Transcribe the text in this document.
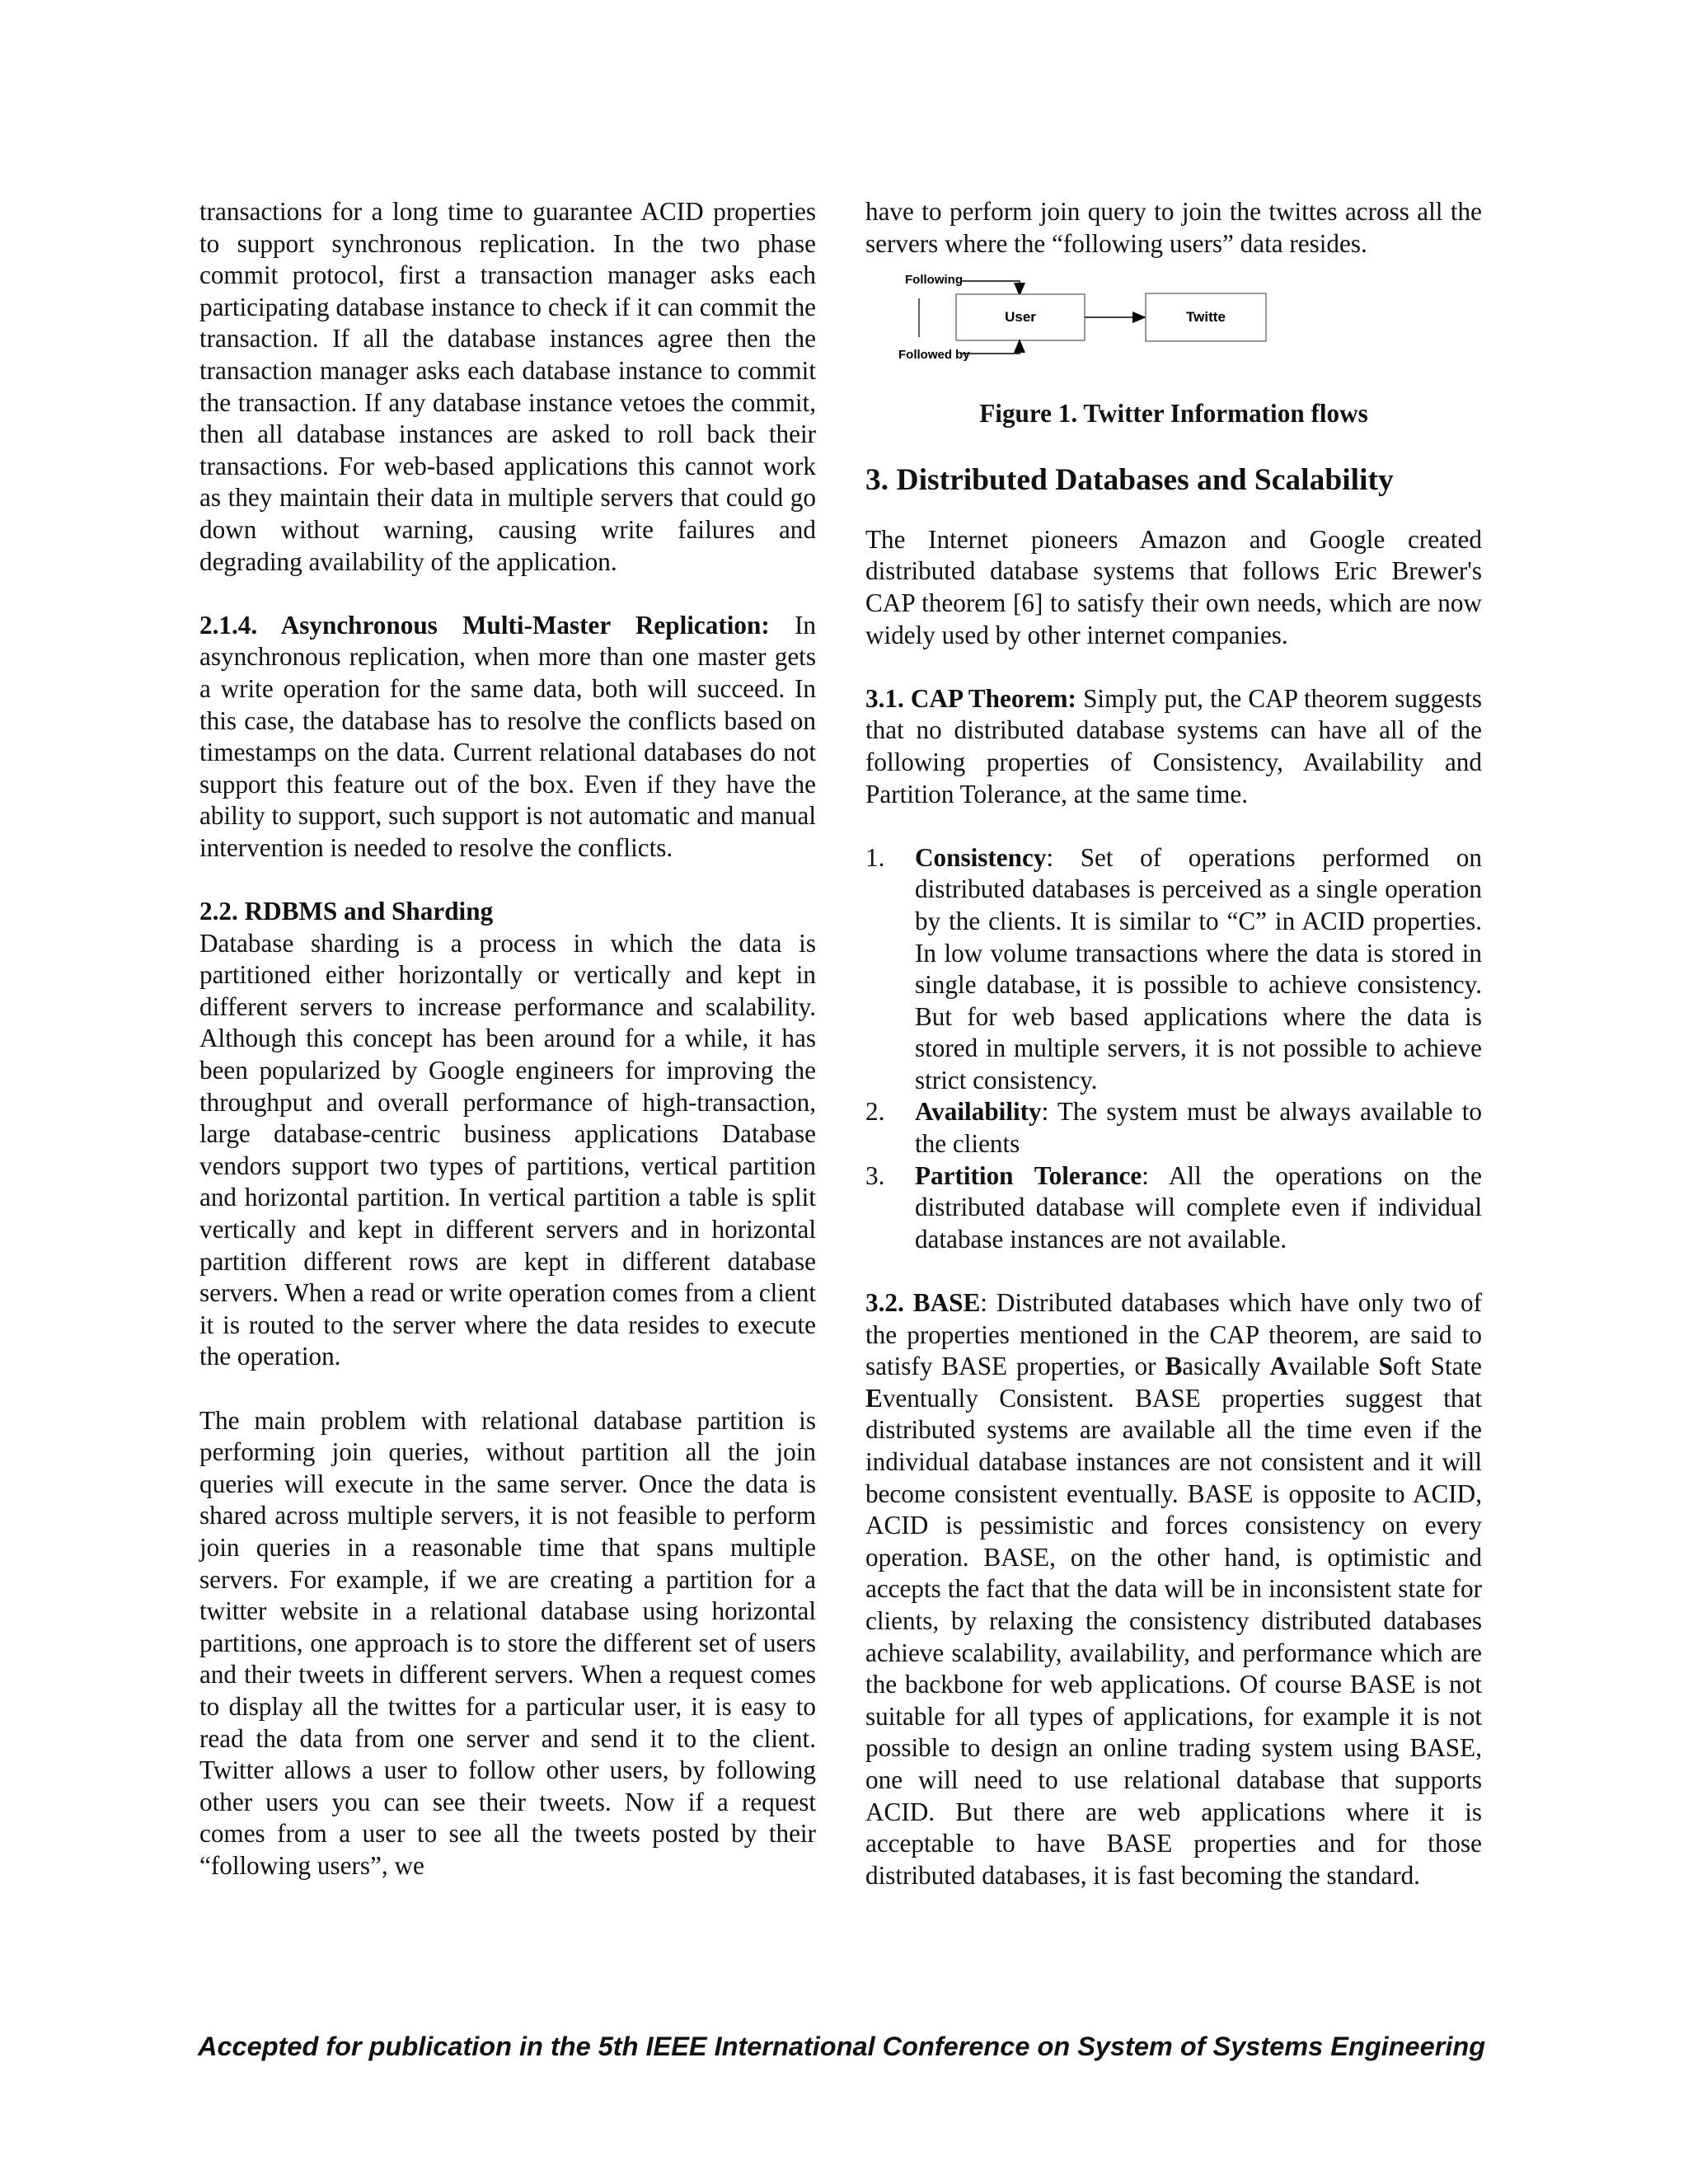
transactions for a long time to guarantee ACID properties to support synchronous replication. In the two phase commit protocol, first a transaction manager asks each participating database instance to check if it can commit the transaction. If all the database instances agree then the transaction manager asks each database instance to commit the transaction. If any database instance vetoes the commit, then all database instances are asked to roll back their transactions. For web-based applications this cannot work as they maintain their data in multiple servers that could go down without warning, causing write failures and degrading availability of the application.

2.1.4. Asynchronous Multi-Master Replication: In asynchronous replication, when more than one master gets a write operation for the same data, both will succeed. In this case, the database has to resolve the conflicts based on timestamps on the data. Current relational databases do not support this feature out of the box. Even if they have the ability to support, such support is not automatic and manual intervention is needed to resolve the conflicts.

2.2. RDBMS and Sharding

Database sharding is a process in which the data is partitioned either horizontally or vertically and kept in different servers to increase performance and scalability. Although this concept has been around for a while, it has been popularized by Google engineers for improving the throughput and overall performance of high-transaction, large database-centric business applications Database vendors support two types of partitions, vertical partition and horizontal partition. In vertical partition a table is split vertically and kept in different servers and in horizontal partition different rows are kept in different database servers. When a read or write operation comes from a client it is routed to the server where the data resides to execute the operation.

The main problem with relational database partition is performing join queries, without partition all the join queries will execute in the same server. Once the data is shared across multiple servers, it is not feasible to perform join queries in a reasonable time that spans multiple servers. For example, if we are creating a partition for a twitter website in a relational database using horizontal partitions, one approach is to store the different set of users and their tweets in different servers. When a request comes to display all the twittes for a particular user, it is easy to read the data from one server and send it to the client. Twitter allows a user to follow other users, by following other users you can see their tweets. Now if a request comes from a user to see all the tweets posted by their “following users”, we

have to perform join query to join the twittes across all the servers where the “following users” data resides.

Following
User	Twitte
Followed by

Figure 1. Twitter Information flows

3. Distributed Databases and Scalability

The Internet pioneers Amazon and Google created distributed database systems that follows Eric Brewer's CAP theorem [6] to satisfy their own needs, which are now widely used by other internet companies.

3.1. CAP Theorem: Simply put, the CAP theorem suggests that no distributed database systems can have all of the following properties of Consistency, Availability and Partition Tolerance, at the same time.

1. Consistency: Set of operations performed on distributed databases is perceived as a single operation by the clients. It is similar to “C” in ACID properties. In low volume transactions where the data is stored in single database, it is possible to achieve consistency. But for web based applications where the data is stored in multiple servers, it is not possible to achieve strict consistency.
2. Availability: The system must be always available to the clients
3. Partition Tolerance: All the operations on the distributed database will complete even if individual database instances are not available.

3.2. BASE: Distributed databases which have only two of the properties mentioned in the CAP theorem, are said to satisfy BASE properties, or Basically Available Soft State Eventually Consistent. BASE properties suggest that distributed systems are available all the time even if the individual database instances are not consistent and it will become consistent eventually. BASE is opposite to ACID, ACID is pessimistic and forces consistency on every operation. BASE, on the other hand, is optimistic and accepts the fact that the data will be in inconsistent state for clients, by relaxing the consistency distributed databases achieve scalability, availability, and performance which are the backbone for web applications. Of course BASE is not suitable for all types of applications, for example it is not possible to design an online trading system using BASE, one will need to use relational database that supports ACID. But there are web applications where it is acceptable to have BASE properties and for those distributed databases, it is fast becoming the standard.

Accepted for publication in the 5th IEEE International Conference on System of Systems Engineering
